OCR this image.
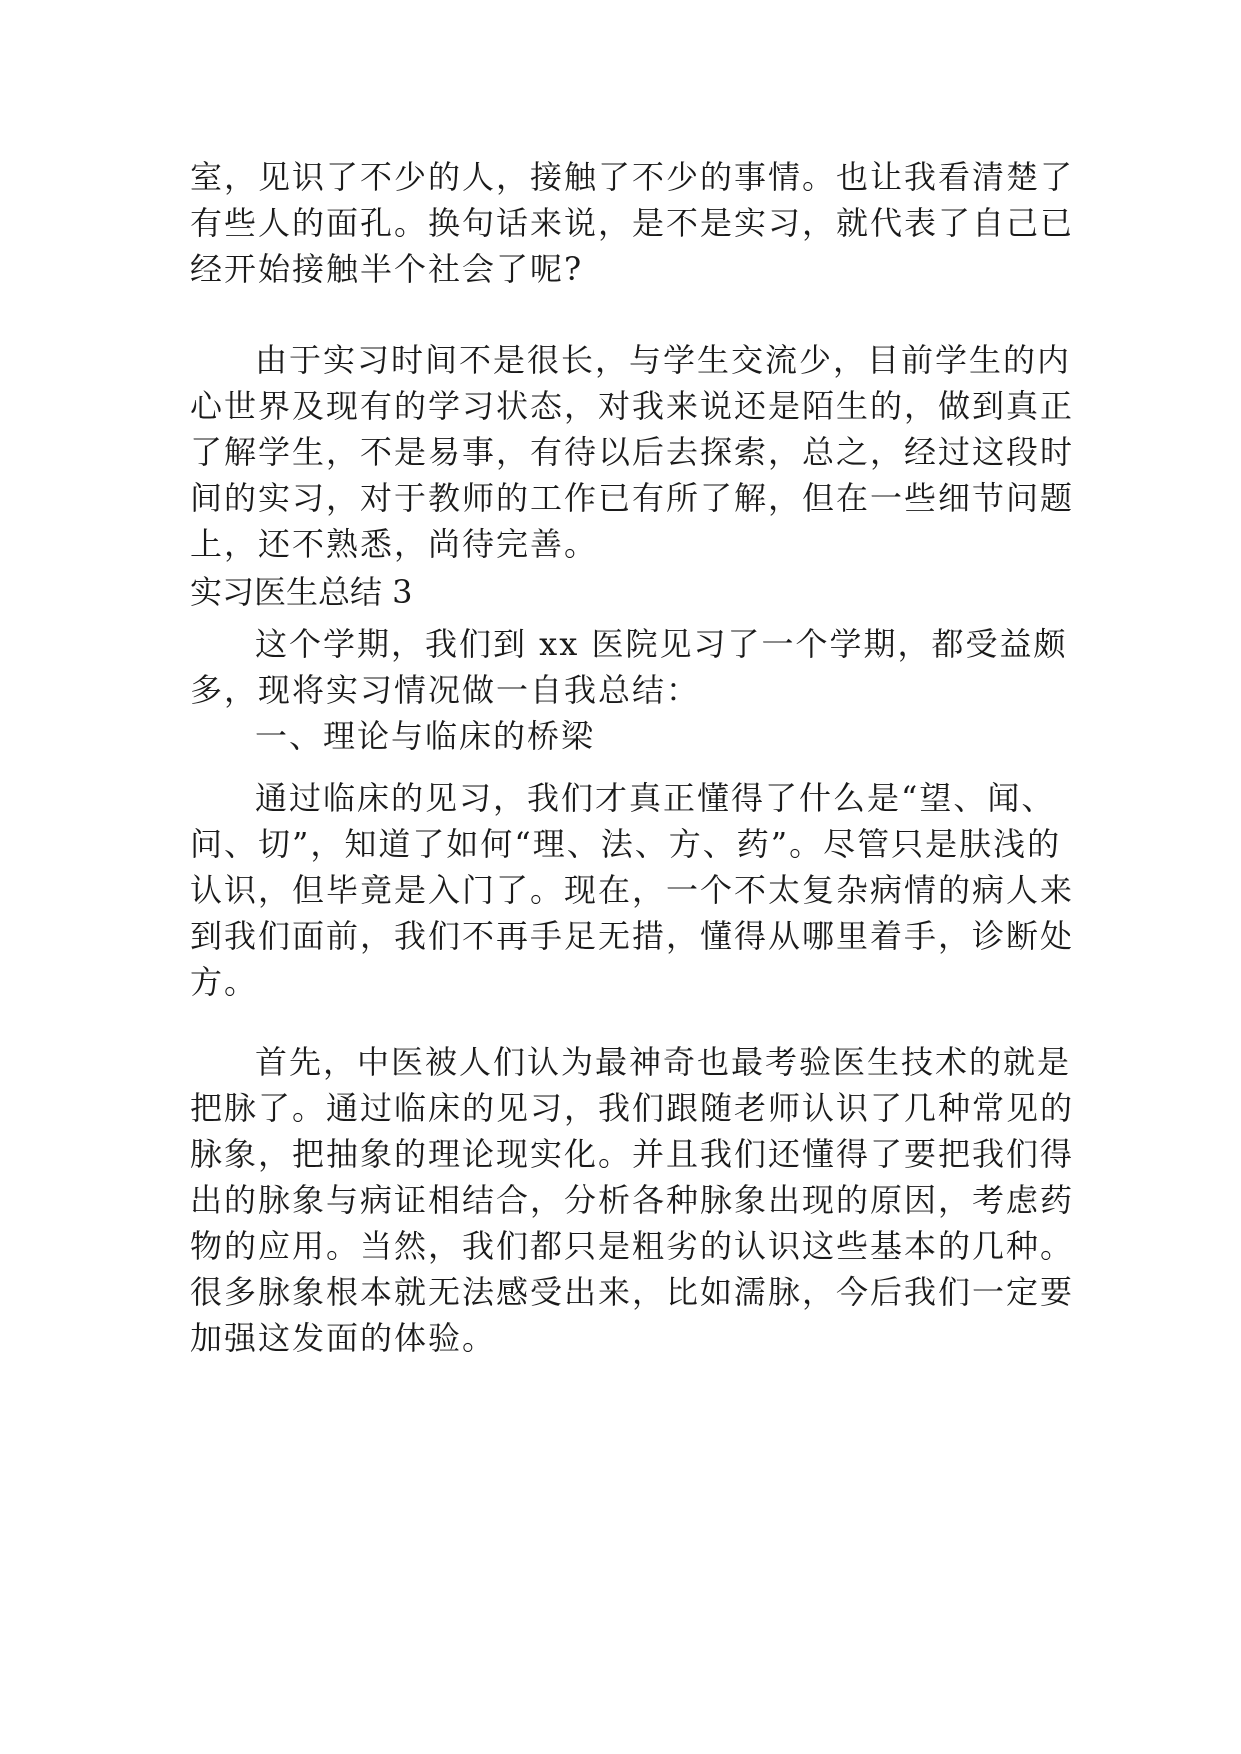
室，见识了不少的人，接触了不少的事情。也让我看清楚了
有些人的面孔。换句话来说，是不是实习，就代表了自己已
经开始接触半个社会了呢?
由于实习时间不是很长，与学生交流少，目前学生的内
心世界及现有的学习状态，对我来说还是陌生的，做到真正
了解学生，不是易事，有待以后去探索，总之，经过这段时
间的实习，对于教师的工作已有所了解，但在一些细节问题
上，还不熟悉，尚待完善。
实习医生总结 3
这个学期，我们到 xx 医院见习了一个学期，都受益颇
多，现将实习情况做一自我总结：
一、理论与临床的桥梁
通过临床的见习，我们才真正懂得了什么是“望、闻、
问、切”，知道了如何“理、法、方、药”。尽管只是肤浅的
认识，但毕竟是入门了。现在，一个不太复杂病情的病人来
到我们面前，我们不再手足无措，懂得从哪里着手，诊断处
方。
首先，中医被人们认为最神奇也最考验医生技术的就是
把脉了。通过临床的见习，我们跟随老师认识了几种常见的
脉象，把抽象的理论现实化。并且我们还懂得了要把我们得
出的脉象与病证相结合，分析各种脉象出现的原因，考虑药
物的应用。当然，我们都只是粗劣的认识这些基本的几种。
很多脉象根本就无法感受出来，比如濡脉，今后我们一定要
加强这发面的体验。
